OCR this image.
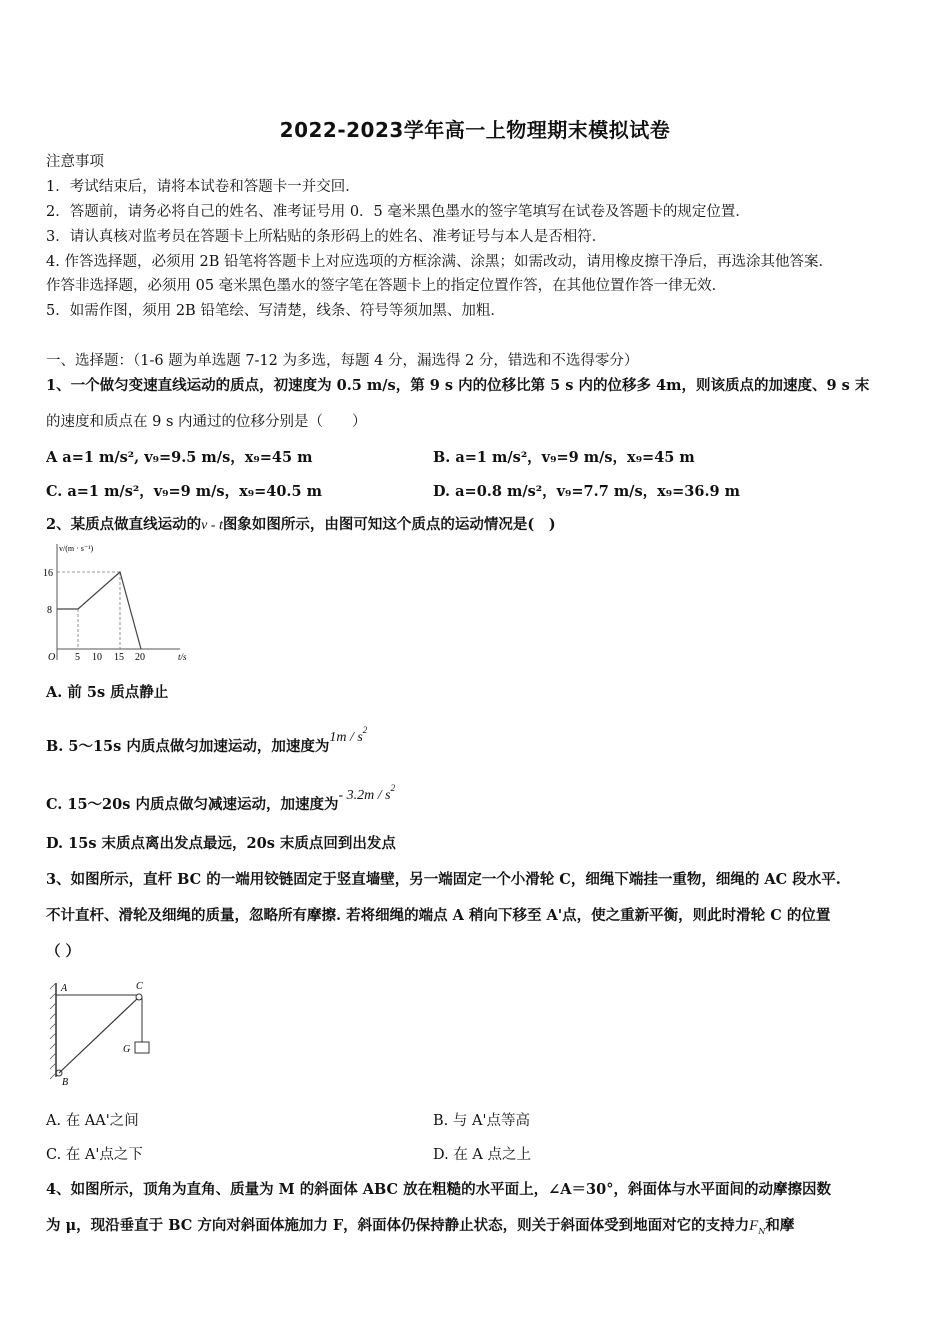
2022-2023学年高一上物理期末模拟试卷
注意事项
1．考试结束后，请将本试卷和答题卡一并交回．
2．答题前，请务必将自己的姓名、准考证号用 0．5 毫米黑色墨水的签字笔填写在试卷及答题卡的规定位置．
3．请认真核对监考员在答题卡上所粘贴的条形码上的姓名、准考证号与本人是否相符．
4. 作答选择题，必须用 2B 铅笔将答题卡上对应选项的方框涂满、涂黑；如需改动，请用橡皮擦干净后，再选涂其他答案．
作答非选择题，必须用 05 毫米黑色墨水的签字笔在答题卡上的指定位置作答，在其他位置作答一律无效．
5．如需作图，须用 2B 铅笔绘、写清楚，线条、符号等须加黑、加粗．
一、选择题：（1-6 题为单选题 7-12 为多选，每题 4 分，漏选得 2 分，错选和不选得零分）
1、一个做匀变速直线运动的质点，初速度为 0.5 m/s，第 9 s 内的位移比第 5 s 内的位移多 4m，则该质点的加速度、9 s 末
的速度和质点在 9 s 内通过的位移分别是（　　）
A a=1 m/s², v₉=9.5 m/s，x₉=45 m	B. a=1 m/s²，v₉=9 m/s，x₉=45 m
C. a=1 m/s²，v₉=9 m/s，x₉=40.5 m	D. a=0.8 m/s²，v₉=7.7 m/s，x₉=36.9 m
2、某质点做直线运动的v - t图象如图所示，由图可知这个质点的运动情况是(　)
v/(m · s⁻¹)
16
8
O 5 10 15 20	t/s
A. 前 5s 质点静止
B. 5～15s 内质点做匀加速运动，加速度为$1m / s^2$
C. 15～20s 内质点做匀减速运动，加速度为- $3.2m / s^2$
D. 15s 末质点离出发点最远，20s 末质点回到出发点
3、如图所示，直杆 BC 的一端用铰链固定于竖直墙壁，另一端固定一个小滑轮 C，细绳下端挂一重物，细绳的 AC 段水平.
不计直杆、滑轮及细绳的质量，忽略所有摩擦. 若将细绳的端点 A 稍向下移至 A'点，使之重新平衡，则此时滑轮 C 的位置
（ ）
A	C
G
B
A. 在 AA'之间	B. 与 A'点等高
C. 在 A'点之下	D. 在 A 点之上
4、如图所示，顶角为直角、质量为 M 的斜面体 ABC 放在粗糙的水平面上，∠A＝30°，斜面体与水平面间的动摩擦因数
为 μ，现沿垂直于 BC 方向对斜面体施加力 F，斜面体仍保持静止状态，则关于斜面体受到地面对它的支持力$F_N$和摩
